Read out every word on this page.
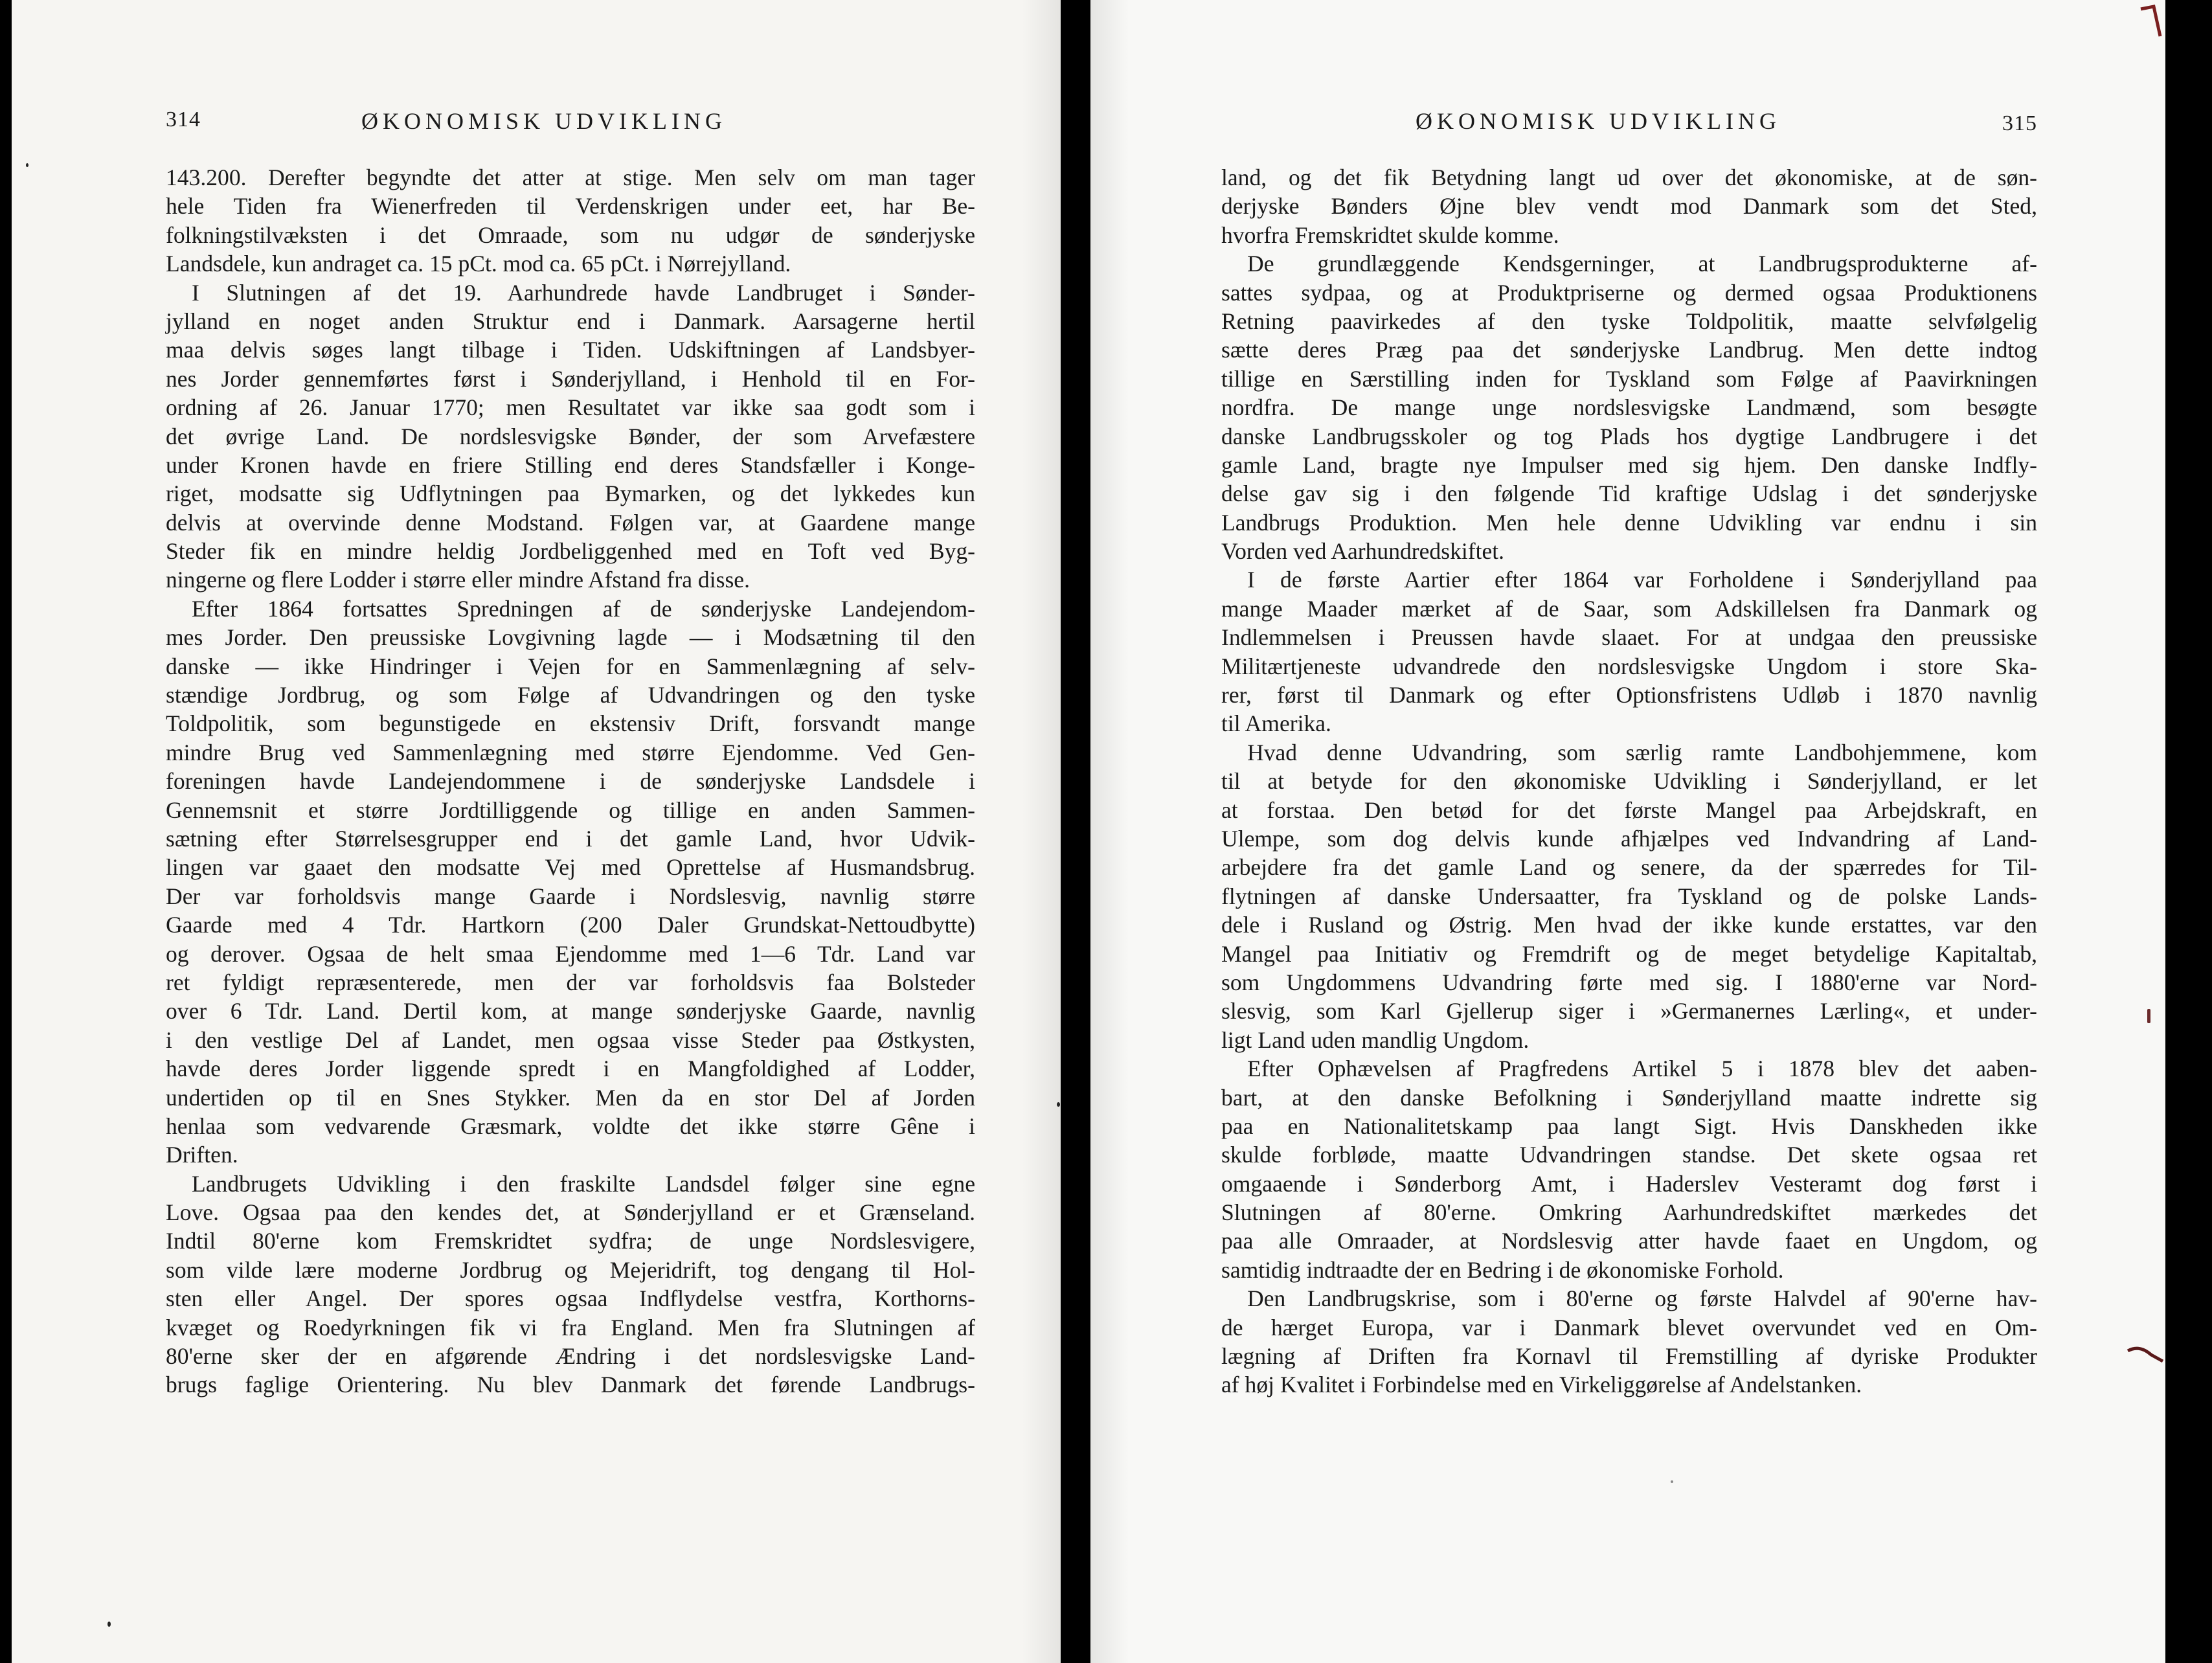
314	ØKONOMISK UDVIKLING
143.200. Derefter begyndte det atter at stige. Men selv om man tager
hele Tiden fra Wienerfreden til Verdenskrigen under eet, har Be-
folkningstilvæksten i det Omraade, som nu udgør de sønderjyske
Landsdele, kun andraget ca. 15 pCt. mod ca. 65 pCt. i Nørrejylland.
I Slutningen af det 19. Aarhundrede havde Landbruget i Sønder-
jylland en noget anden Struktur end i Danmark. Aarsagerne hertil
maa delvis søges langt tilbage i Tiden. Udskiftningen af Landsbyer-
nes Jorder gennemførtes først i Sønderjylland, i Henhold til en For-
ordning af 26. Januar 1770; men Resultatet var ikke saa godt som i
det øvrige Land. De nordslesvigske Bønder, der som Arvefæstere
under Kronen havde en friere Stilling end deres Standsfæller i Konge-
riget, modsatte sig Udflytningen paa Bymarken, og det lykkedes kun
delvis at overvinde denne Modstand. Følgen var, at Gaardene mange
Steder fik en mindre heldig Jordbeliggenhed med en Toft ved Byg-
ningerne og flere Lodder i større eller mindre Afstand fra disse.
Efter 1864 fortsattes Spredningen af de sønderjyske Landejendom-
mes Jorder. Den preussiske Lovgivning lagde — i Modsætning til den
danske — ikke Hindringer i Vejen for en Sammenlægning af selv-
stændige Jordbrug, og som Følge af Udvandringen og den tyske
Toldpolitik, som begunstigede en ekstensiv Drift, forsvandt mange
mindre Brug ved Sammenlægning med større Ejendomme. Ved Gen-
foreningen havde Landejendommene i de sønderjyske Landsdele i
Gennemsnit et større Jordtilliggende og tillige en anden Sammen-
sætning efter Størrelsesgrupper end i det gamle Land, hvor Udvik-
lingen var gaaet den modsatte Vej med Oprettelse af Husmandsbrug.
Der var forholdsvis mange Gaarde i Nordslesvig, navnlig større
Gaarde med 4 Tdr. Hartkorn (200 Daler Grundskat-Nettoudbytte)
og derover. Ogsaa de helt smaa Ejendomme med 1—6 Tdr. Land var
ret fyldigt repræsenterede, men der var forholdsvis faa Bolsteder
over 6 Tdr. Land. Dertil kom, at mange sønderjyske Gaarde, navnlig
i den vestlige Del af Landet, men ogsaa visse Steder paa Østkysten,
havde deres Jorder liggende spredt i en Mangfoldighed af Lodder,
undertiden op til en Snes Stykker. Men da en stor Del af Jorden
henlaa som vedvarende Græsmark, voldte det ikke større Gêne i
Driften.
Landbrugets Udvikling i den fraskilte Landsdel følger sine egne
Love. Ogsaa paa den kendes det, at Sønderjylland er et Grænseland.
Indtil 80'erne kom Fremskridtet sydfra; de unge Nordslesvigere,
som vilde lære moderne Jordbrug og Mejeridrift, tog dengang til Hol-
sten eller Angel. Der spores ogsaa Indflydelse vestfra, Korthorns-
kvæget og Roedyrkningen fik vi fra England. Men fra Slutningen af
80'erne sker der en afgørende Ændring i det nordslesvigske Land-
brugs faglige Orientering. Nu blev Danmark det førende Landbrugs-
ØKONOMISK UDVIKLING	315
land, og det fik Betydning langt ud over det økonomiske, at de søn-
derjyske Bønders Øjne blev vendt mod Danmark som det Sted,
hvorfra Fremskridtet skulde komme.
De grundlæggende Kendsgerninger, at Landbrugsprodukterne af-
sattes sydpaa, og at Produktpriserne og dermed ogsaa Produktionens
Retning paavirkedes af den tyske Toldpolitik, maatte selvfølgelig
sætte deres Præg paa det sønderjyske Landbrug. Men dette indtog
tillige en Særstilling inden for Tyskland som Følge af Paavirkningen
nordfra. De mange unge nordslesvigske Landmænd, som besøgte
danske Landbrugsskoler og tog Plads hos dygtige Landbrugere i det
gamle Land, bragte nye Impulser med sig hjem. Den danske Indfly-
delse gav sig i den følgende Tid kraftige Udslag i det sønderjyske
Landbrugs Produktion. Men hele denne Udvikling var endnu i sin
Vorden ved Aarhundredskiftet.
I de første Aartier efter 1864 var Forholdene i Sønderjylland paa
mange Maader mærket af de Saar, som Adskillelsen fra Danmark og
Indlemmelsen i Preussen havde slaaet. For at undgaa den preussiske
Militærtjeneste udvandrede den nordslesvigske Ungdom i store Ska-
rer, først til Danmark og efter Optionsfristens Udløb i 1870 navnlig
til Amerika.
Hvad denne Udvandring, som særlig ramte Landbohjemmene, kom
til at betyde for den økonomiske Udvikling i Sønderjylland, er let
at forstaa. Den betød for det første Mangel paa Arbejdskraft, en
Ulempe, som dog delvis kunde afhjælpes ved Indvandring af Land-
arbejdere fra det gamle Land og senere, da der spærredes for Til-
flytningen af danske Undersaatter, fra Tyskland og de polske Lands-
dele i Rusland og Østrig. Men hvad der ikke kunde erstattes, var den
Mangel paa Initiativ og Fremdrift og de meget betydelige Kapitaltab,
som Ungdommens Udvandring førte med sig. I 1880'erne var Nord-
slesvig, som Karl Gjellerup siger i »Germanernes Lærling«, et under-
ligt Land uden mandlig Ungdom.
Efter Ophævelsen af Pragfredens Artikel 5 i 1878 blev det aaben-
bart, at den danske Befolkning i Sønderjylland maatte indrette sig
paa en Nationalitetskamp paa langt Sigt. Hvis Danskheden ikke
skulde forbløde, maatte Udvandringen standse. Det skete ogsaa ret
omgaaende i Sønderborg Amt, i Haderslev Vesteramt dog først i
Slutningen af 80'erne. Omkring Aarhundredskiftet mærkedes det
paa alle Omraader, at Nordslesvig atter havde faaet en Ungdom, og
samtidig indtraadte der en Bedring i de økonomiske Forhold.
Den Landbrugskrise, som i 80'erne og første Halvdel af 90'erne hav-
de hærget Europa, var i Danmark blevet overvundet ved en Om-
lægning af Driften fra Kornavl til Fremstilling af dyriske Produkter
af høj Kvalitet i Forbindelse med en Virkeliggørelse af Andelstanken.
